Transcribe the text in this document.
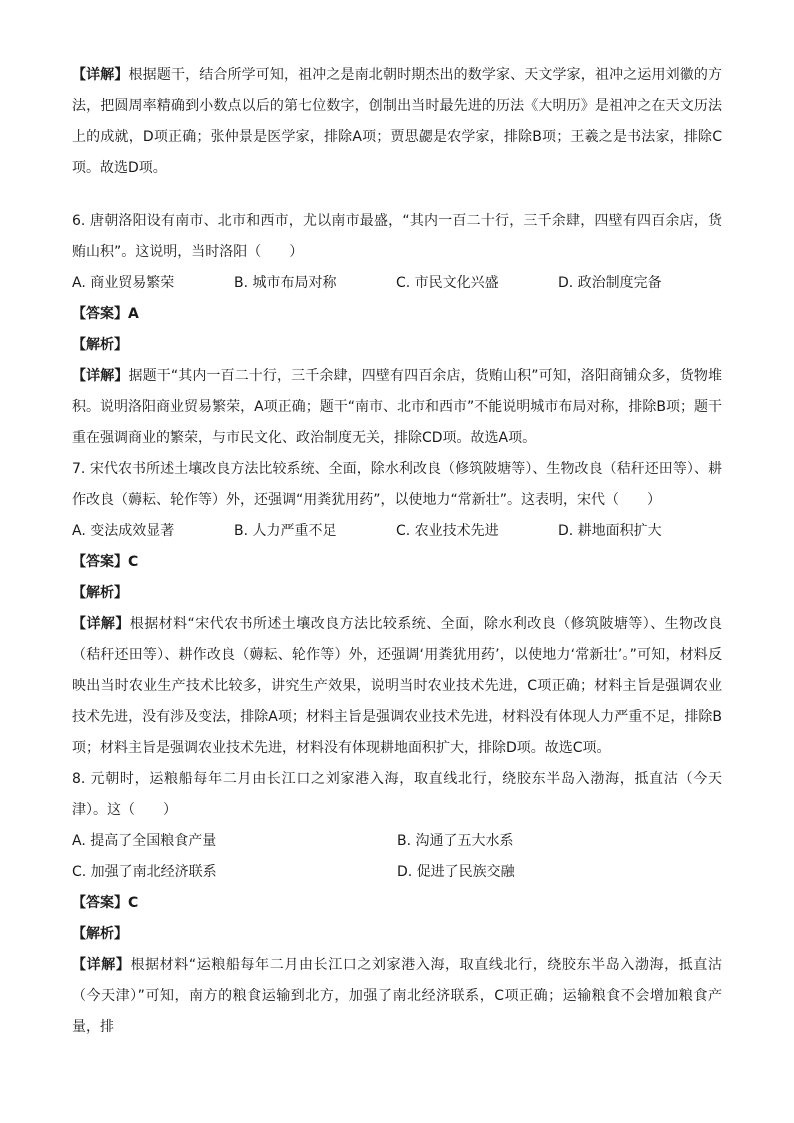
【详解】根据题干，结合所学可知，祖冲之是南北朝时期杰出的数学家、天文学家，祖冲之运用刘徽的方法，把圆周率精确到小数点以后的第七位数字，创制出当时最先进的历法《大明历》是祖冲之在天文历法上的成就，D项正确；张仲景是医学家，排除A项；贾思勰是农学家，排除B项；王羲之是书法家，排除C项。故选D项。

6. 唐朝洛阳设有南市、北市和西市，尤以南市最盛，“其内一百二十行，三千余肆，四壁有四百余店，货贿山积”。这说明，当时洛阳（　　）

A. 商业贸易繁荣	B. 城市布局对称	C. 市民文化兴盛	D. 政治制度完备

【答案】A

【解析】

【详解】据题干“其内一百二十行，三千余肆，四壁有四百余店，货贿山积”可知，洛阳商铺众多，货物堆积。说明洛阳商业贸易繁荣，A项正确；题干“南市、北市和西市”不能说明城市布局对称，排除B项；题干重在强调商业的繁荣，与市民文化、政治制度无关，排除CD项。故选A项。

7. 宋代农书所述土壤改良方法比较系统、全面，除水利改良（修筑陂塘等）、生物改良（秸秆还田等）、耕作改良（薅耘、轮作等）外，还强调“用粪犹用药”，以使地力“常新壮”。这表明，宋代（　　）

A. 变法成效显著	B. 人力严重不足	C. 农业技术先进	D. 耕地面积扩大

【答案】C

【解析】

【详解】根据材料“宋代农书所述土壤改良方法比较系统、全面，除水利改良（修筑陂塘等）、生物改良（秸秆还田等）、耕作改良（薅耘、轮作等）外，还强调‘用粪犹用药’，以使地力‘常新壮’。”可知，材料反映出当时农业生产技术比较多，讲究生产效果，说明当时农业技术先进，C项正确；材料主旨是强调农业技术先进，没有涉及变法，排除A项；材料主旨是强调农业技术先进，材料没有体现人力严重不足，排除B项；材料主旨是强调农业技术先进，材料没有体现耕地面积扩大，排除D项。故选C项。

8. 元朝时，运粮船每年二月由长江口之刘家港入海，取直线北行，绕胶东半岛入渤海，抵直沽（今天津）。这（　　）

A. 提高了全国粮食产量	B. 沟通了五大水系
C. 加强了南北经济联系	D. 促进了民族交融

【答案】C

【解析】

【详解】根据材料“运粮船每年二月由长江口之刘家港入海，取直线北行，绕胶东半岛入渤海，抵直沽（今天津）”可知，南方的粮食运输到北方，加强了南北经济联系，C项正确；运输粮食不会增加粮食产量，排
